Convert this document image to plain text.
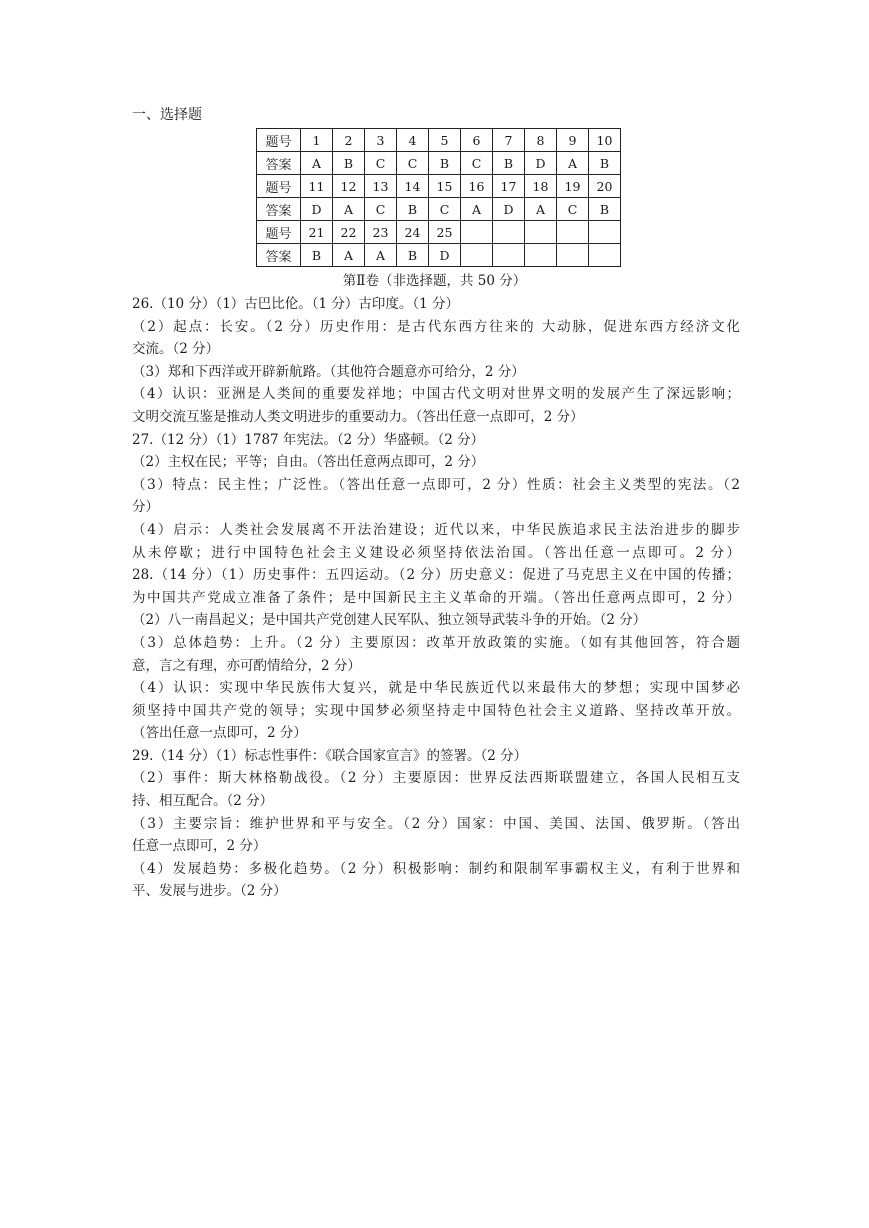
一、选择题
题号	1	2	3	4	5	6	7	8	9	10
答案	A	B	C	C	B	C	B	D	A	B
题号	11	12	13	14	15	16	17	18	19	20
答案	D	A	C	B	C	A	D	A	C	B
题号	21	22	23	24	25					
答案	B	A	A	B	D					
第Ⅱ卷（非选择题，共 50 分）
26.（10 分）（1）古巴比伦。（1 分）古印度。（1 分）
（2）起点：长安。（2 分）历史作用：是古代东西方往来的 大动脉，促进东西方经济文化
交流。（2 分）
（3）郑和下西洋或开辟新航路。（其他符合题意亦可给分，2 分）
（4）认识：亚洲是人类间的重要发祥地；中国古代文明对世界文明的发展产生了深远影响；
文明交流互鉴是推动人类文明进步的重要动力。（答出任意一点即可，2 分）
27.（12 分）（1）1787 年宪法。（2 分）华盛顿。（2 分）
（2）主权在民；平等；自由。（答出任意两点即可，2 分）
（3）特点：民主性；广泛性。（答出任意一点即可，2 分）性质：社会主义类型的宪法。（2
分）
（4）启示：人类社会发展离不开法治建设；近代以来，中华民族追求民主法治进步的脚步
从未停歇；进行中国特色社会主义建设必须坚持依法治国。（答出任意一点即可。2 分）
28.（14 分）（1）历史事件：五四运动。（2 分）历史意义：促进了马克思主义在中国的传播；
为中国共产党成立准备了条件；是中国新民主主义革命的开端。（答出任意两点即可，2 分）
（2）八一南昌起义；是中国共产党创建人民军队、独立领导武装斗争的开始。（2 分）
（3）总体趋势：上升。（2 分）主要原因：改革开放政策的实施。（如有其他回答，符合题
意，言之有理，亦可酌情给分，2 分）
（4）认识：实现中华民族伟大复兴，就是中华民族近代以来最伟大的梦想；实现中国梦必
须坚持中国共产党的领导；实现中国梦必须坚持走中国特色社会主义道路、坚持改革开放。
（答出任意一点即可，2 分）
29.（14 分）（1）标志性事件：《联合国家宣言》的签署。（2 分）
（2）事件：斯大林格勒战役。（2 分）主要原因：世界反法西斯联盟建立，各国人民相互支
持、相互配合。（2 分）
（3）主要宗旨：维护世界和平与安全。（2 分）国家：中国、美国、法国、俄罗斯。（答出
任意一点即可，2 分）
（4）发展趋势：多极化趋势。（2 分）积极影响：制约和限制军事霸权主义，有利于世界和
平、发展与进步。（2 分）
